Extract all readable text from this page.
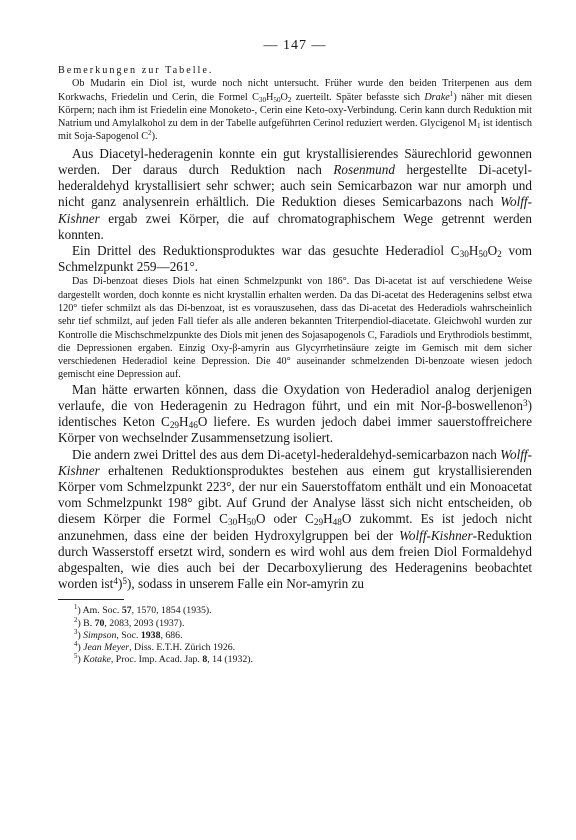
— 147 —

Bemerkungen zur Tabelle.

Ob Mudarin ein Diol ist, wurde noch nicht untersucht. Früher wurde den beiden Triterpenen aus dem Korkwachs, Friedelin und Cerin, die Formel $C_{30}H_{50}O_2$ zuerteilt. Später befasste sich Drake$^1$) näher mit diesen Körpern; nach ihm ist Friedelin eine Monoketo-, Cerin eine Keto-oxy-Verbindung. Cerin kann durch Reduktion mit Natrium und Amylalkohol zu dem in der Tabelle aufgeführten Cerinol reduziert werden. Glycigenol $M_1$ ist identisch mit Soja-Sapogenol $C^2$).

Aus Diacetyl-hederagenin konnte ein gut krystallisierendes Säurechlorid gewonnen werden. Der daraus durch Reduktion nach Rosenmund hergestellte Di-acetyl-hederaldehyd krystallisiert sehr schwer; auch sein Semicarbazon war nur amorph und nicht ganz analysenrein erhältlich. Die Reduktion dieses Semicarbazons nach Wolff-Kishner ergab zwei Körper, die auf chromatographischem Wege getrennt werden konnten.

Ein Drittel des Reduktionsproduktes war das gesuchte Hederadiol $C_{30}H_{50}O_2$ vom Schmelzpunkt 259—261°.

Das Di-benzoat dieses Diols hat einen Schmelzpunkt von 186°. Das Di-acetat ist auf verschiedene Weise dargestellt worden, doch konnte es nicht krystallin erhalten werden. Da das Di-acetat des Hederagenins selbst etwa 120° tiefer schmilzt als das Di-benzoat, ist es vorauszusehen, dass das Di-acetat des Hederadiols wahrscheinlich sehr tief schmilzt, auf jeden Fall tiefer als alle anderen bekannten Triterpendiol-diacetate. Gleichwohl wurden zur Kontrolle die Mischschmelzpunkte des Diols mit jenen des Sojasapogenols C, Faradiols und Erythrodiols bestimmt, die Depressionen ergaben. Einzig Oxy-β-amyrin aus Glycyrrhetinsäure zeigte im Gemisch mit dem sicher verschiedenen Hederadiol keine Depression. Die 40° auseinander schmelzenden Di-benzoate wiesen jedoch gemischt eine Depression auf.

Man hätte erwarten können, dass die Oxydation von Hederadiol analog derjenigen verlaufe, die von Hederagenin zu Hedragon führt, und ein mit Nor-β-boswellenon$^3$) identisches Keton $C_{29}H_{46}O$ liefere. Es wurden jedoch dabei immer sauerstoffreichere Körper von wechselnder Zusammensetzung isoliert.

Die andern zwei Drittel des aus dem Di-acetyl-hederaldehyd-semicarbazon nach Wolff-Kishner erhaltenen Reduktionsproduktes bestehen aus einem gut krystallisierenden Körper vom Schmelzpunkt 223°, der nur ein Sauerstoffatom enthält und ein Monoacetat vom Schmelzpunkt 198° gibt. Auf Grund der Analyse lässt sich nicht entscheiden, ob diesem Körper die Formel $C_{30}H_{50}O$ oder $C_{29}H_{48}O$ zukommt. Es ist jedoch nicht anzunehmen, dass eine der beiden Hydroxylgruppen bei der Wolff-Kishner-Reduktion durch Wasserstoff ersetzt wird, sondern es wird wohl aus dem freien Diol Formaldehyd abgespalten, wie dies auch bei der Decarboxylierung des Hederagenins beobachtet worden ist$^4$)$^5$), sodass in unserem Falle ein Nor-amyrin zu

$^1$) Am. Soc. 57, 1570, 1854 (1935).

$^2$) B. 70, 2083, 2093 (1937).

$^3$) Simpson, Soc. 1938, 686.

$^4$) Jean Meyer, Diss. E.T.H. Zürich 1926.

$^5$) Kotake, Proc. Imp. Acad. Jap. 8, 14 (1932).
